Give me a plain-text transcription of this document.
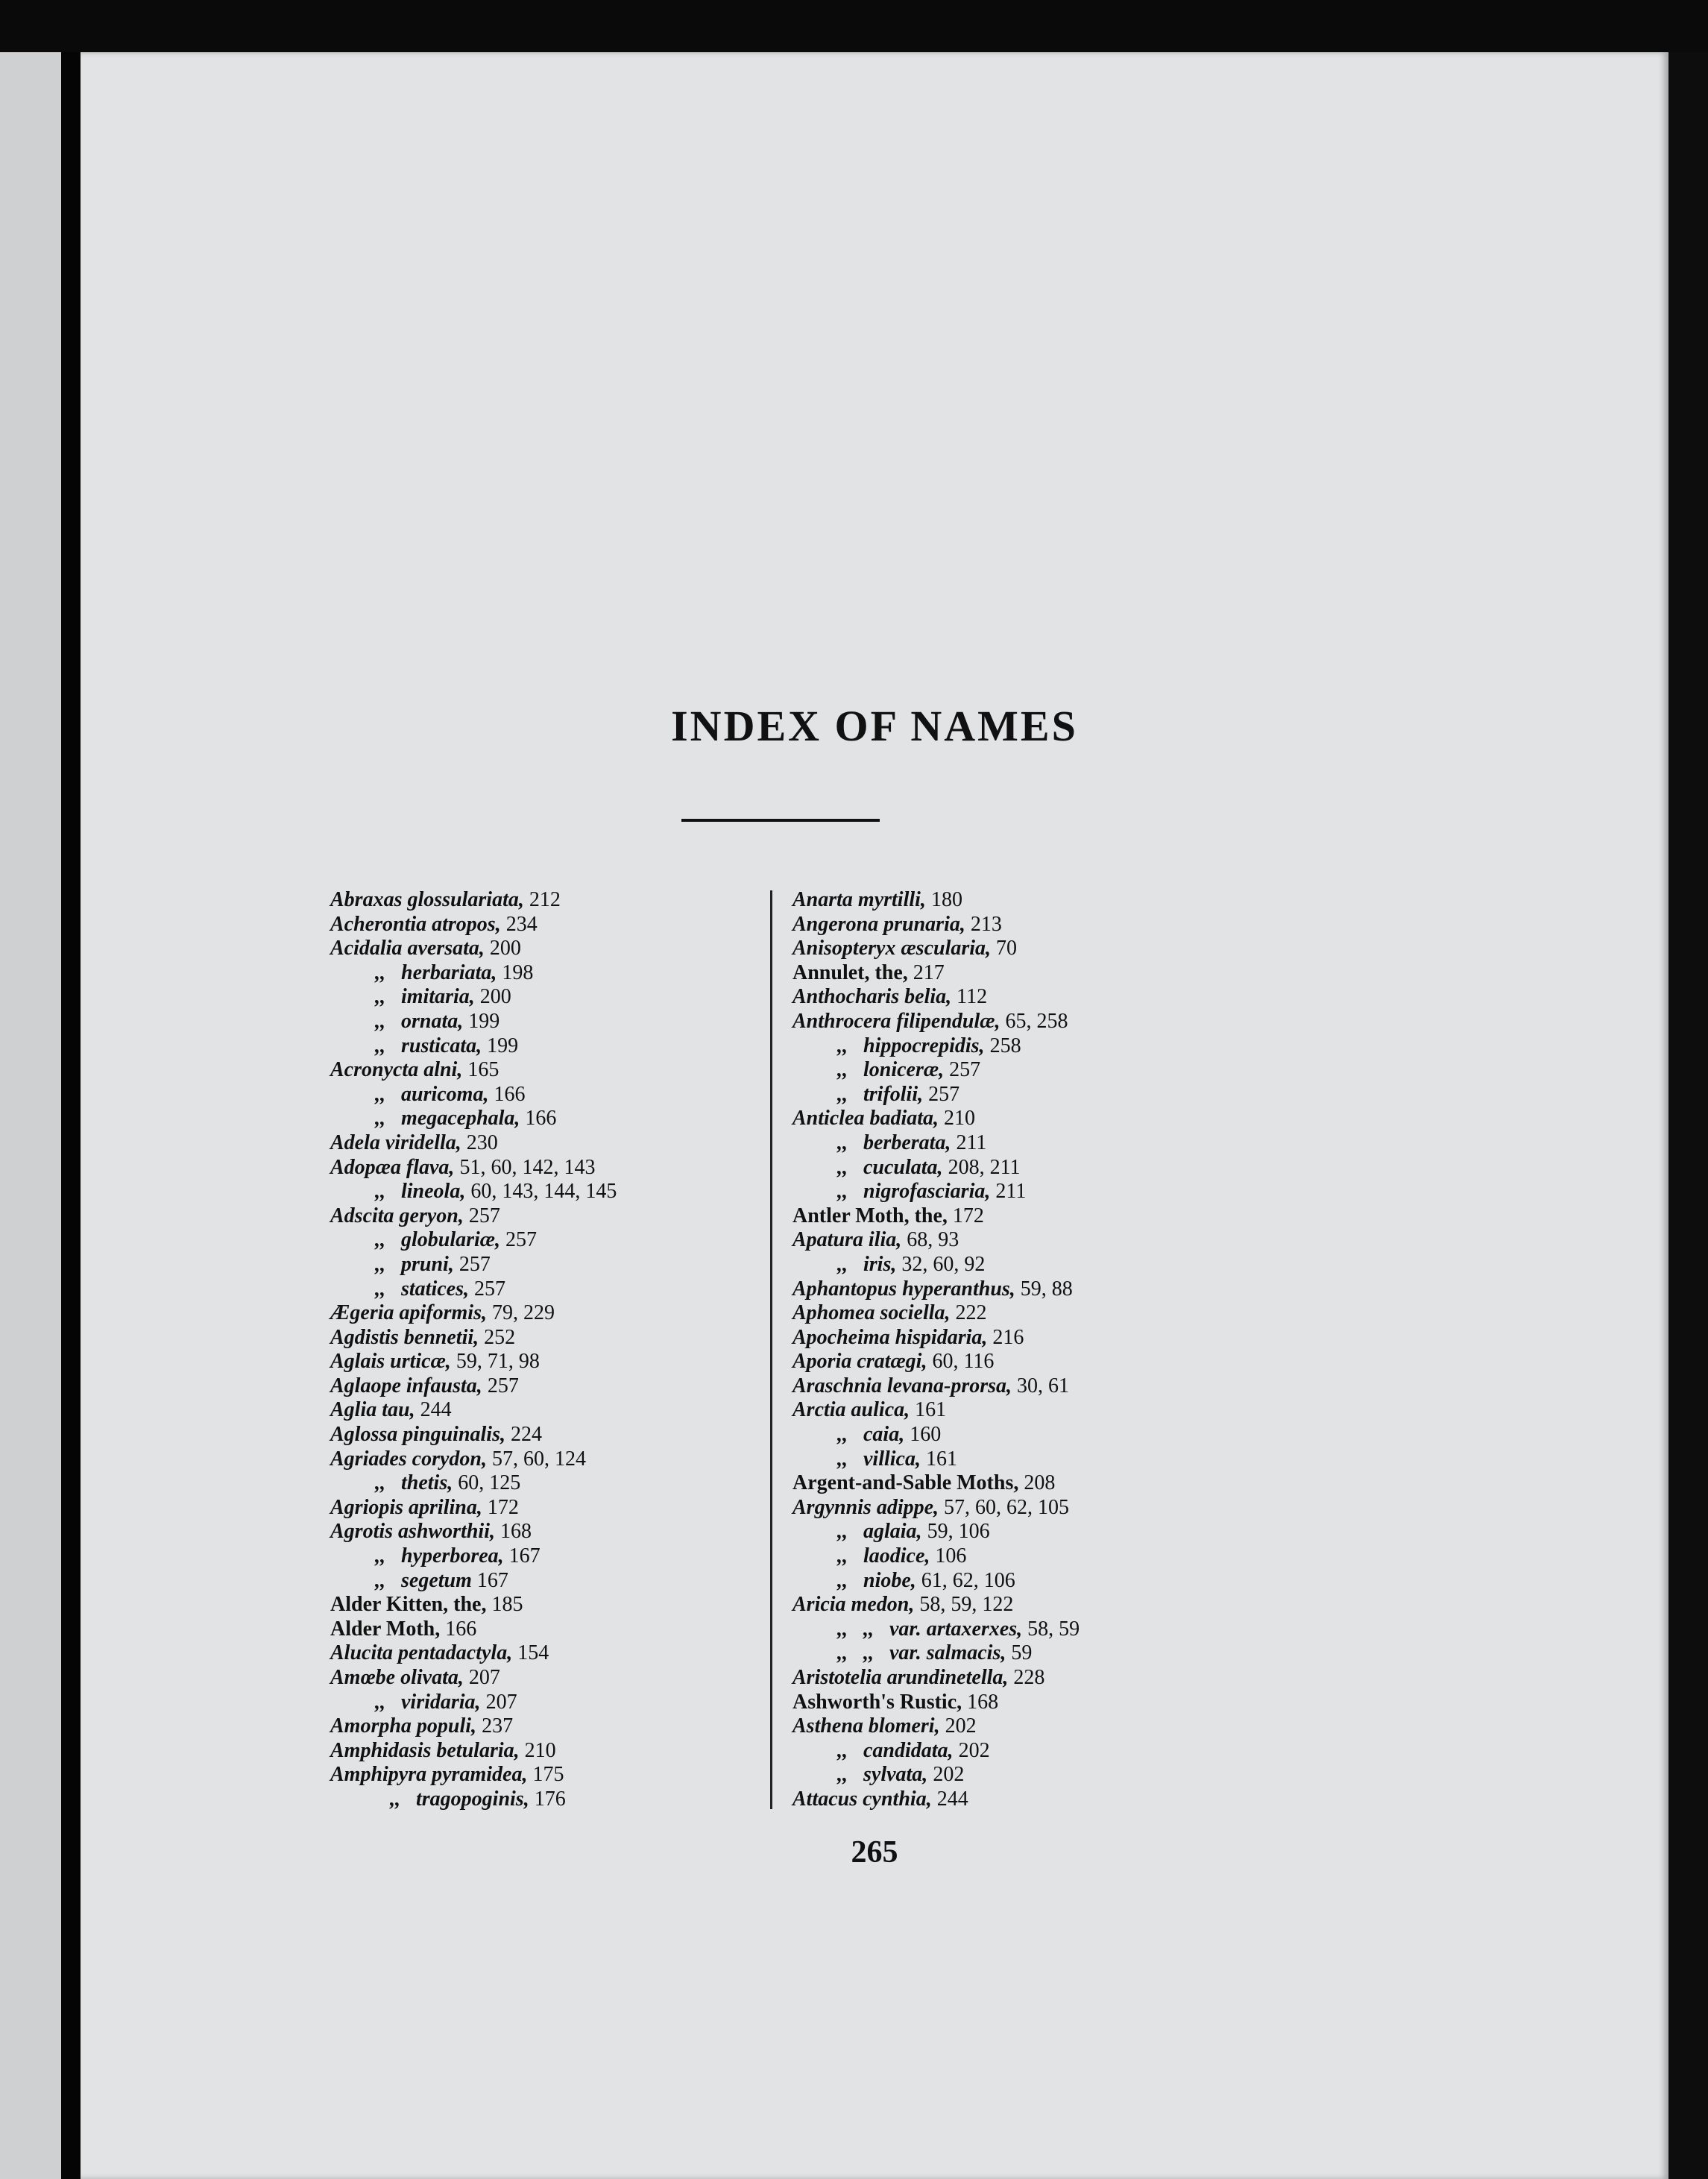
INDEX OF NAMES
Abraxas glossulariata, 212
Acherontia atropos, 234
Acidalia aversata, 200
,,   herbariata, 198
,,   imitaria, 200
,,   ornata, 199
,,   rusticata, 199
Acronycta alni, 165
,,   auricoma, 166
,,   megacephala, 166
Adela viridella, 230
Adopæa flava, 51, 60, 142, 143
,,   lineola, 60, 143, 144, 145
Adscita geryon, 257
,,   globulariæ, 257
,,   pruni, 257
,,   statices, 257
Ægeria apiformis, 79, 229
Agdistis bennetii, 252
Aglais urticæ, 59, 71, 98
Aglaope infausta, 257
Aglia tau, 244
Aglossa pinguinalis, 224
Agriades corydon, 57, 60, 124
,,   thetis, 60, 125
Agriopis aprilina, 172
Agrotis ashworthii, 168
,,   hyperborea, 167
,,   segetum 167
Alder Kitten, the, 185
Alder Moth, 166
Alucita pentadactyla, 154
Amœbe olivata, 207
,,   viridaria, 207
Amorpha populi, 237
Amphidasis betularia, 210
Amphipyra pyramidea, 175
,,   tragopoginis, 176
Anarta myrtilli, 180
Angerona prunaria, 213
Anisopteryx æscularia, 70
Annulet, the, 217
Anthocharis belia, 112
Anthrocera filipendulæ, 65, 258
,,   hippocrepidis, 258
,,   loniceræ, 257
,,   trifolii, 257
Anticlea badiata, 210
,,   berberata, 211
,,   cuculata, 208, 211
,,   nigrofasciaria, 211
Antler Moth, the, 172
Apatura ilia, 68, 93
,,   iris, 32, 60, 92
Aphantopus hyperanthus, 59, 88
Aphomea sociella, 222
Apocheima hispidaria, 216
Aporia cratægi, 60, 116
Araschnia levana-prorsa, 30, 61
Arctia aulica, 161
,,   caia, 160
,,   villica, 161
Argent-and-Sable Moths, 208
Argynnis adippe, 57, 60, 62, 105
,,   aglaia, 59, 106
,,   laodice, 106
,,   niobe, 61, 62, 106
Aricia medon, 58, 59, 122
,,   ,,   var. artaxerxes, 58, 59
,,   ,,   var. salmacis, 59
Aristotelia arundinetella, 228
Ashworth's Rustic, 168
Asthena blomeri, 202
,,   candidata, 202
,,   sylvata, 202
Attacus cynthia, 244
265
